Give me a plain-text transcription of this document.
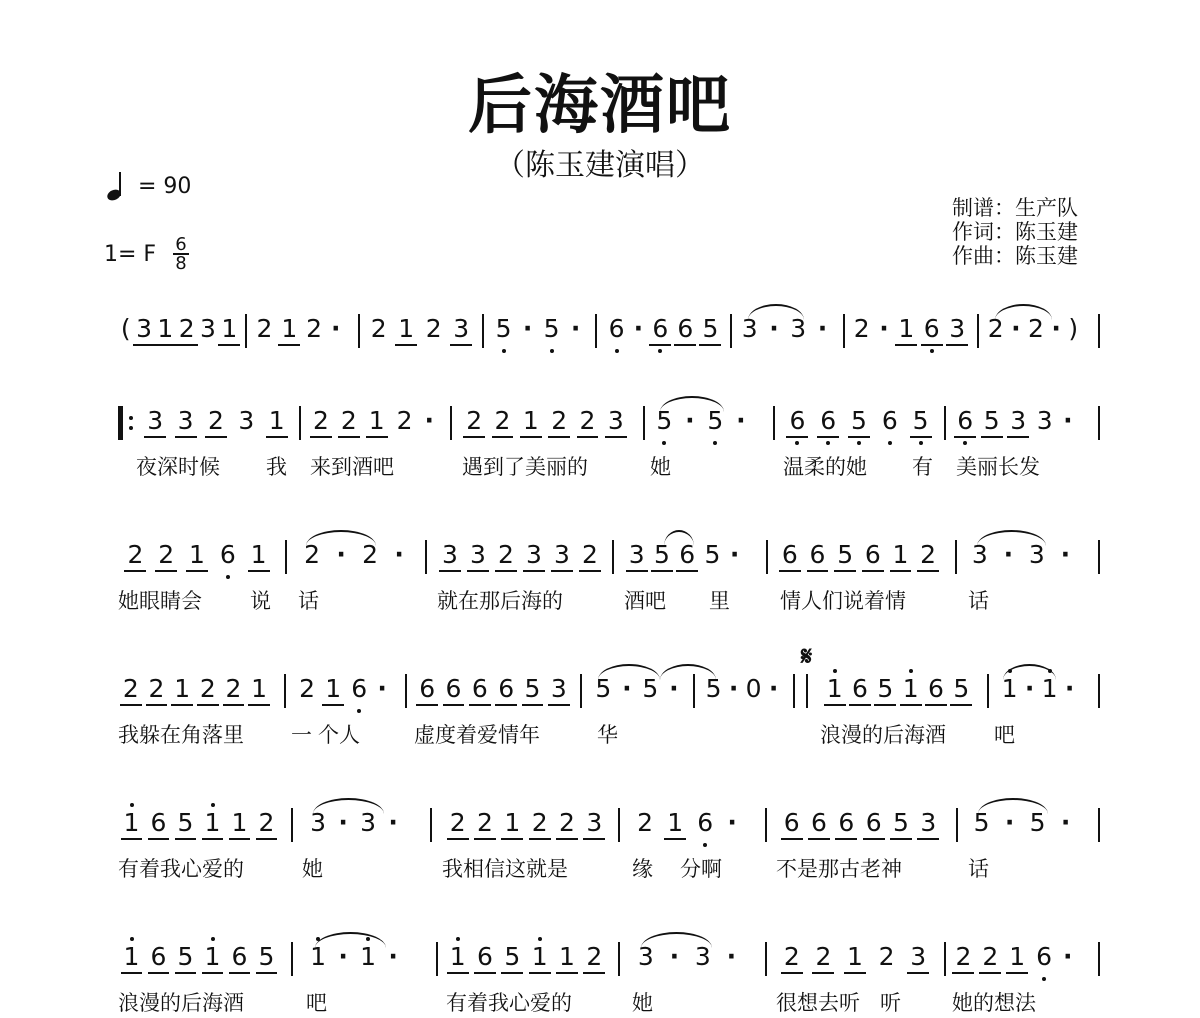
后海酒吧
（陈玉建演唱）
= 90
1= F 6
8
制谱：生产队
作词：陈玉建
作曲：陈玉建
𝄋
( 3 1 2 3 1 2 1 2 · 2 1 2 3 5 · 5 · 6 · 6 6 5 3 · 3 · 2 · 1 6 3 2 · 2 · )
3 3 2 3 1 2 2 1 2 · 2 2 1 2 2 3 5 · 5 · 6 6 5 6 5 6 5 3 3 ·
夜深时候 我 来到酒吧	遇到了美丽的	她	温柔的她 有 美丽长发
2 2 1 6 1 2 · 2 · 3 3 2 3 3 2 3 5 6 5 · 6 6 5 6 1 2 3 · 3 ·
她眼睛会 说 话	就在那后海的	酒吧 里 情人们说着情	话
2 2 1 2 2 1 2 1 6 · 6 6 6 6 5 3 5 · 5 · 5 · 0 · 1 6 5 1 6 5 1 · 1 ·
我躲在角落里 一 个人	虚度着爱情年	华	浪漫的后海酒 吧
1 6 5 1 1 2 3 · 3 · 2 2 1 2 2 3 2 1 6 · 6 6 6 6 5 3 5 · 5 ·
有着我心爱的	她	我相信这就是	缘 分啊	不是那古老神	话
1 6 5 1 6 5 1 · 1 · 1 6 5 1 1 2 3 · 3 · 2 2 1 2 3 2 2 1 6 ·
浪漫的后海酒	吧	有着我心爱的	她	很想去听 听 她的想法
